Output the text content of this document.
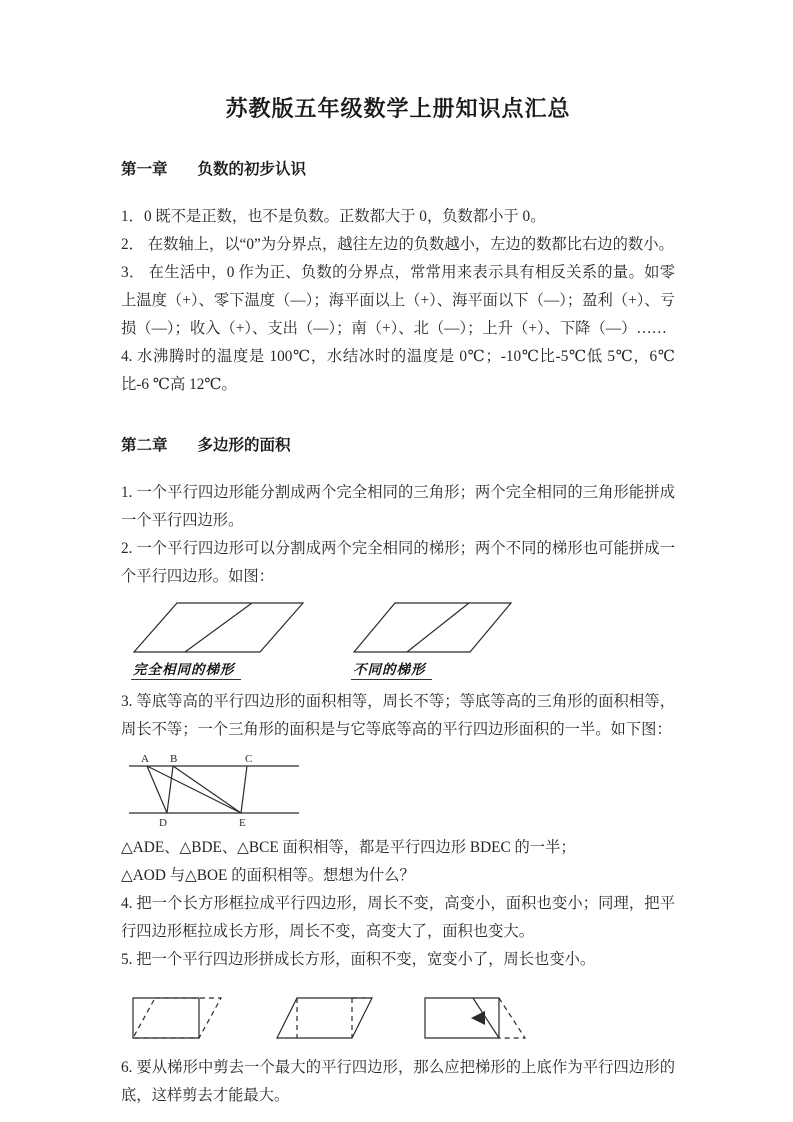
苏教版五年级数学上册知识点汇总
第一章 负数的初步认识

1．0 既不是正数，也不是负数。正数都大于 0，负数都小于 0。

2． 在数轴上，以“0”为分界点，越往左边的负数越小，左边的数都比右边的数小。

3． 在生活中，0 作为正、负数的分界点，常常用来表示具有相反关系的量。如零上温度（+）、零下温度（—）；海平面以上（+）、海平面以下（—）；盈利（+）、亏损（—）；收入（+）、支出（—）；南（+）、北（—）；上升（+）、下降（—）……

4. 水沸腾时的温度是 100℃，水结冰时的温度是 0℃；-10℃比-5℃低 5℃，6℃比-6 ℃高 12℃。

第二章 多边形的面积

1. 一个平行四边形能分割成两个完全相同的三角形；两个完全相同的三角形能拼成一个平行四边形。

2. 一个平行四边形可以分割成两个完全相同的梯形；两个不同的梯形也可能拼成一个平行四边形。如图：

完全相同的梯形	不同的梯形

3. 等底等高的平行四边形的面积相等，周长不等；等底等高的三角形的面积相等，周长不等；一个三角形的面积是与它等底等高的平行四边形面积的一半。如下图：

A B	C
D	E

△ADE、△BDE、△BCE 面积相等，都是平行四边形 BDEC 的一半；

△AOD 与△BOE 的面积相等。想想为什么？

4. 把一个长方形框拉成平行四边形，周长不变，高变小，面积也变小；同理，把平行四边形框拉成长方形，周长不变，高变大了，面积也变大。

5. 把一个平行四边形拼成长方形，面积不变，宽变小了，周长也变小。

6. 要从梯形中剪去一个最大的平行四边形，那么应把梯形的上底作为平行四边形的底，这样剪去才能最大。
